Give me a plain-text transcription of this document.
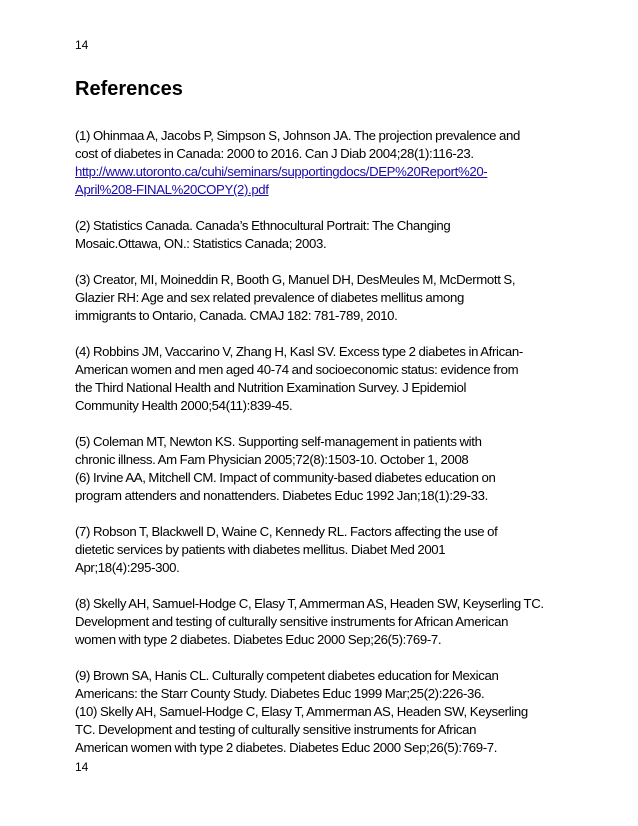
14
References

(1) Ohinmaa A, Jacobs P, Simpson S, Johnson JA. The projection prevalence and
cost of diabetes in Canada: 2000 to 2016. Can J Diab 2004;28(1):116-23.
http://www.utoronto.ca/cuhi/seminars/supportingdocs/DEP%20Report%20-
April%208-FINAL%20COPY(2).pdf

(2) Statistics Canada. Canada’s Ethnocultural Portrait: The Changing
Mosaic.Ottawa, ON.: Statistics Canada; 2003.

(3) Creator, MI, Moineddin R, Booth G, Manuel DH, DesMeules M, McDermott S,
Glazier RH: Age and sex related prevalence of diabetes mellitus among
immigrants to Ontario, Canada. CMAJ 182: 781-789, 2010.

(4) Robbins JM, Vaccarino V, Zhang H, Kasl SV. Excess type 2 diabetes in African-
American women and men aged 40-74 and socioeconomic status: evidence from
the Third National Health and Nutrition Examination Survey. J Epidemiol
Community Health 2000;54(11):839-45.

(5) Coleman MT, Newton KS. Supporting self-management in patients with
chronic illness. Am Fam Physician 2005;72(8):1503-10. October 1, 2008

(6) Irvine AA, Mitchell CM. Impact of community-based diabetes education on
program attenders and nonattenders. Diabetes Educ 1992 Jan;18(1):29-33.

(7) Robson T, Blackwell D, Waine C, Kennedy RL. Factors affecting the use of
dietetic services by patients with diabetes mellitus. Diabet Med 2001
Apr;18(4):295-300.

(8) Skelly AH, Samuel-Hodge C, Elasy T, Ammerman AS, Headen SW, Keyserling TC.
Development and testing of culturally sensitive instruments for African American
women with type 2 diabetes. Diabetes Educ 2000 Sep;26(5):769-7.

(9) Brown SA, Hanis CL. Culturally competent diabetes education for Mexican
Americans: the Starr County Study. Diabetes Educ 1999 Mar;25(2):226-36.

(10) Skelly AH, Samuel-Hodge C, Elasy T, Ammerman AS, Headen SW, Keyserling
TC. Development and testing of culturally sensitive instruments for African
American women with type 2 diabetes. Diabetes Educ 2000 Sep;26(5):769-7.

14
